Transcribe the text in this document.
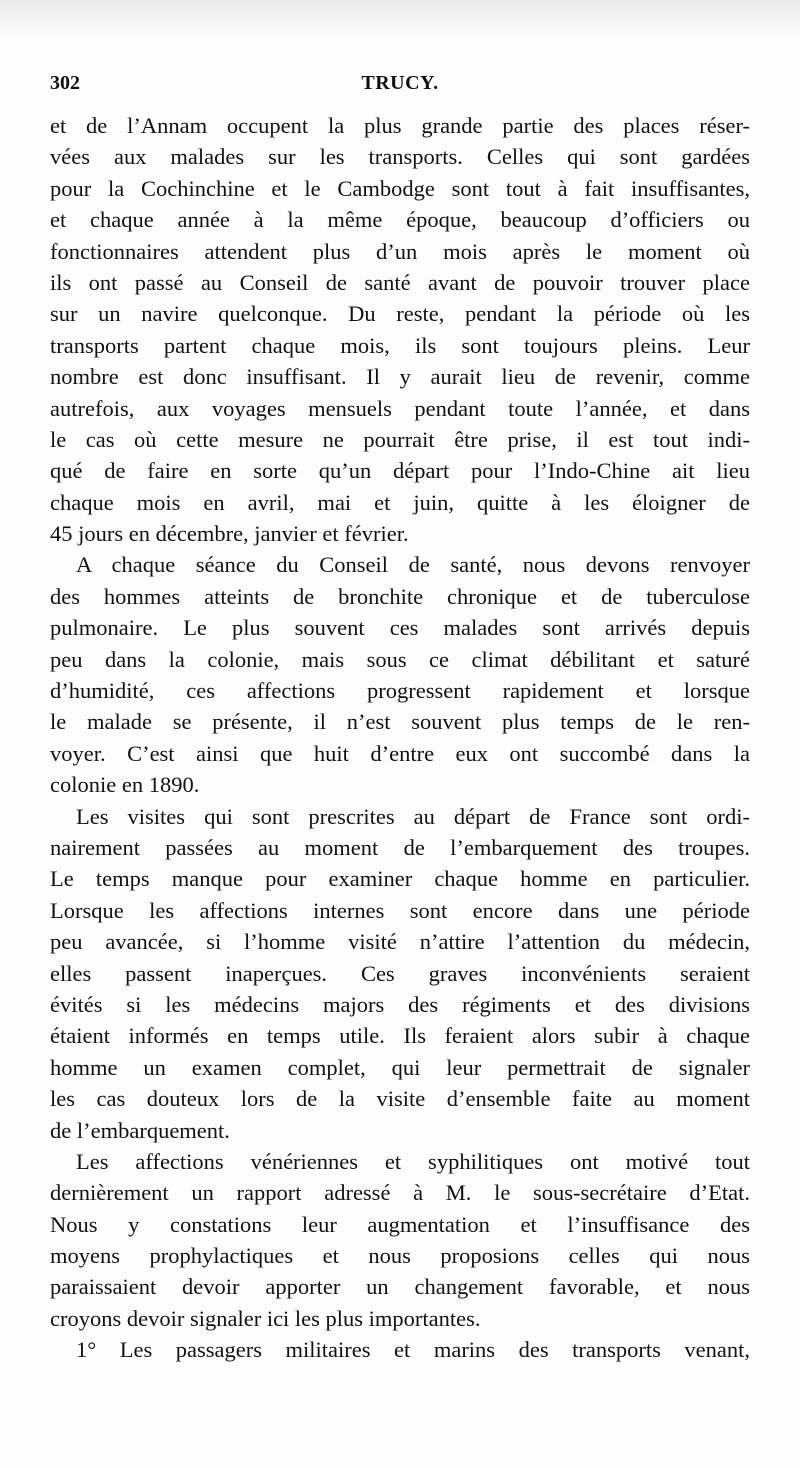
302	TRUCY.
et de l’Annam occupent la plus grande partie des places réser-
vées aux malades sur les transports. Celles qui sont gardées
pour la Cochinchine et le Cambodge sont tout à fait insuffisantes,
et chaque année à la même époque, beaucoup d’officiers ou
fonctionnaires attendent plus d’un mois après le moment où
ils ont passé au Conseil de santé avant de pouvoir trouver place
sur un navire quelconque. Du reste, pendant la période où les
transports partent chaque mois, ils sont toujours pleins. Leur
nombre est donc insuffisant. Il y aurait lieu de revenir, comme
autrefois, aux voyages mensuels pendant toute l’année, et dans
le cas où cette mesure ne pourrait être prise, il est tout indi-
qué de faire en sorte qu’un départ pour l’Indo-Chine ait lieu
chaque mois en avril, mai et juin, quitte à les éloigner de
45 jours en décembre, janvier et février.
A chaque séance du Conseil de santé, nous devons renvoyer
des hommes atteints de bronchite chronique et de tuberculose
pulmonaire. Le plus souvent ces malades sont arrivés depuis
peu dans la colonie, mais sous ce climat débilitant et saturé
d’humidité, ces affections progressent rapidement et lorsque
le malade se présente, il n’est souvent plus temps de le ren-
voyer. C’est ainsi que huit d’entre eux ont succombé dans la
colonie en 1890.
Les visites qui sont prescrites au départ de France sont ordi-
nairement passées au moment de l’embarquement des troupes.
Le temps manque pour examiner chaque homme en particulier.
Lorsque les affections internes sont encore dans une période
peu avancée, si l’homme visité n’attire l’attention du médecin,
elles passent inaperçues. Ces graves inconvénients seraient
évités si les médecins majors des régiments et des divisions
étaient informés en temps utile. Ils feraient alors subir à chaque
homme un examen complet, qui leur permettrait de signaler
les cas douteux lors de la visite d’ensemble faite au moment
de l’embarquement.
Les affections vénériennes et syphilitiques ont motivé tout
dernièrement un rapport adressé à M. le sous-secrétaire d’Etat.
Nous y constations leur augmentation et l’insuffisance des
moyens prophylactiques et nous proposions celles qui nous
paraissaient devoir apporter un changement favorable, et nous
croyons devoir signaler ici les plus importantes.
1° Les passagers militaires et marins des transports venant,
